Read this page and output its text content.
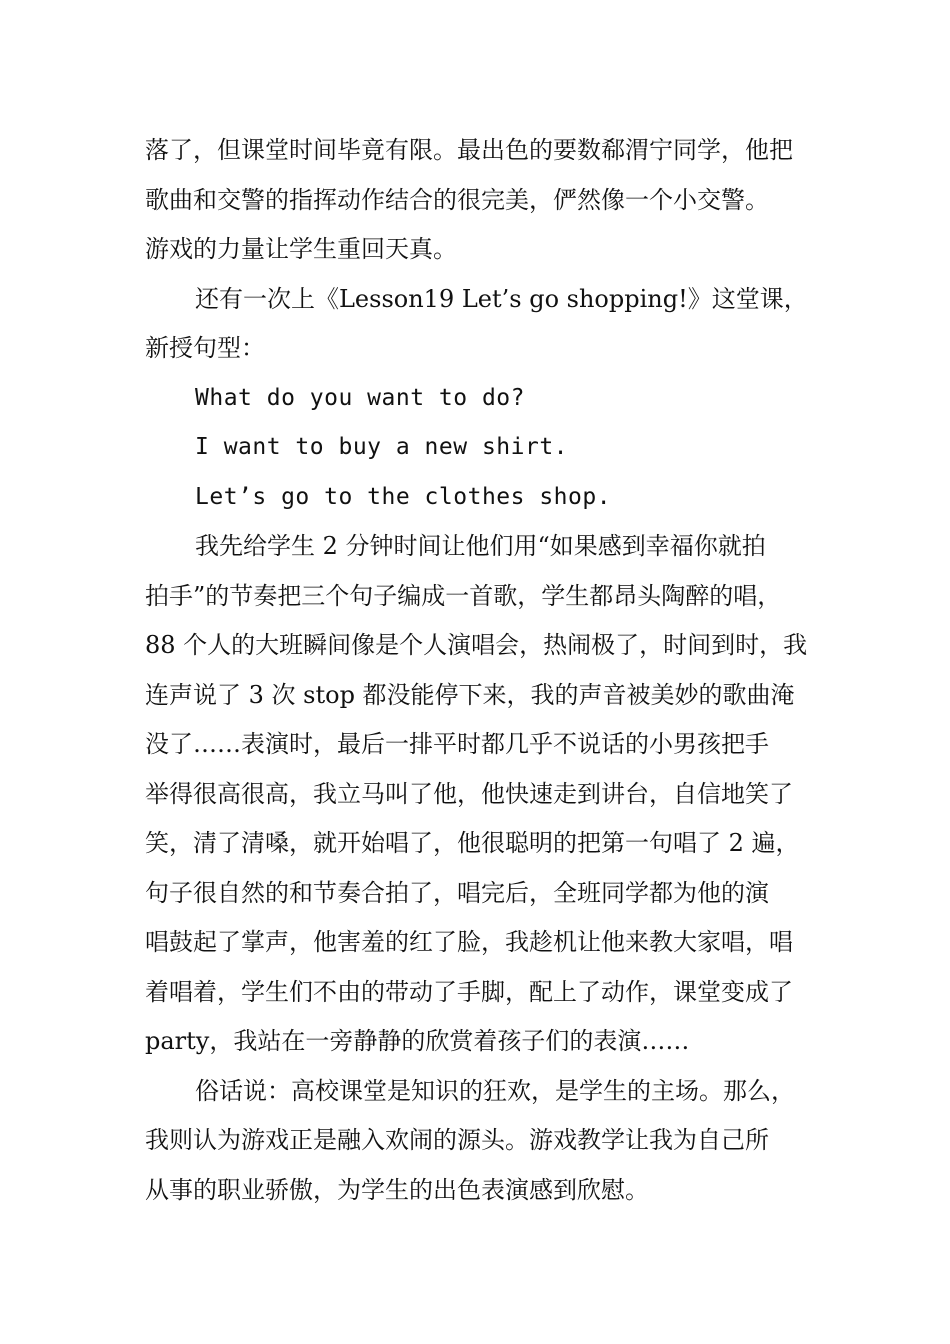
落了，但课堂时间毕竟有限。最出色的要数郗渭宁同学，他把
歌曲和交警的指挥动作结合的很完美，俨然像一个小交警。
游戏的力量让学生重回天真。
还有一次上《Lesson19 Let’s go shopping!》这堂课，
新授句型：
What do you want to do?
I want to buy a new shirt.
Let’s go to the clothes shop.
我先给学生 2 分钟时间让他们用“如果感到幸福你就拍
拍手”的节奏把三个句子编成一首歌，学生都昂头陶醉的唱，
88 个人的大班瞬间像是个人演唱会，热闹极了，时间到时，我
连声说了 3 次 stop 都没能停下来，我的声音被美妙的歌曲淹
没了……表演时，最后一排平时都几乎不说话的小男孩把手
举得很高很高，我立马叫了他，他快速走到讲台，自信地笑了
笑，清了清嗓，就开始唱了，他很聪明的把第一句唱了 2 遍，
句子很自然的和节奏合拍了，唱完后，全班同学都为他的演
唱鼓起了掌声，他害羞的红了脸，我趁机让他来教大家唱，唱
着唱着，学生们不由的带动了手脚，配上了动作，课堂变成了
party，我站在一旁静静的欣赏着孩子们的表演……
俗话说：高校课堂是知识的狂欢，是学生的主场。那么，
我则认为游戏正是融入欢闹的源头。游戏教学让我为自己所
从事的职业骄傲，为学生的出色表演感到欣慰。
